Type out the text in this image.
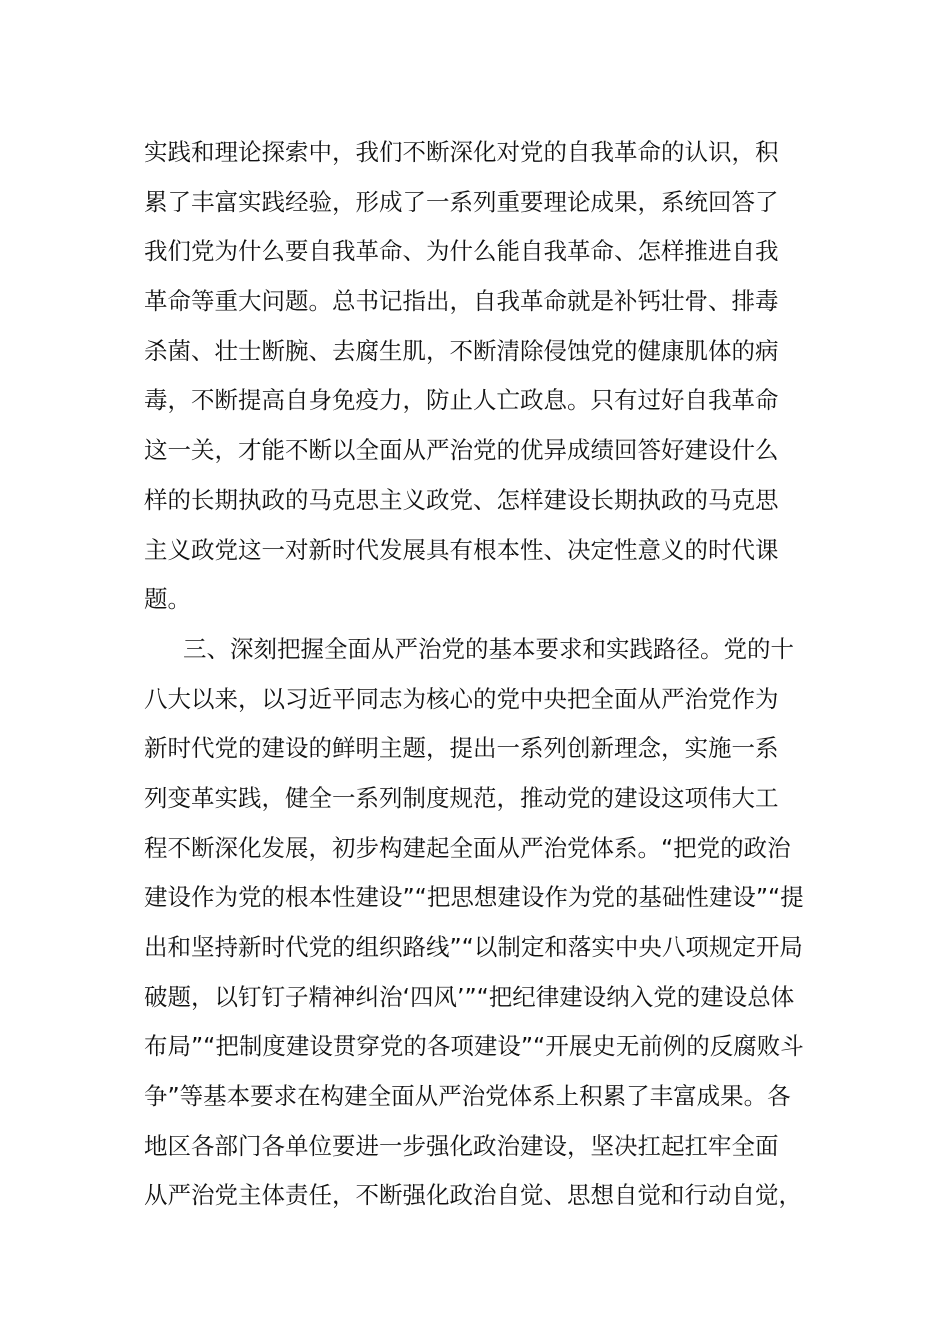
实践和理论探索中，我们不断深化对党的自我革命的认识，积
累了丰富实践经验，形成了一系列重要理论成果，系统回答了
我们党为什么要自我革命、为什么能自我革命、怎样推进自我
革命等重大问题。总书记指出，自我革命就是补钙壮骨、排毒
杀菌、壮士断腕、去腐生肌，不断清除侵蚀党的健康肌体的病
毒，不断提高自身免疫力，防止人亡政息。只有过好自我革命
这一关，才能不断以全面从严治党的优异成绩回答好建设什么
样的长期执政的马克思主义政党、怎样建设长期执政的马克思
主义政党这一对新时代发展具有根本性、决定性意义的时代课
题。
三、深刻把握全面从严治党的基本要求和实践路径。党的十
八大以来，以习近平同志为核心的党中央把全面从严治党作为
新时代党的建设的鲜明主题，提出一系列创新理念，实施一系
列变革实践，健全一系列制度规范，推动党的建设这项伟大工
程不断深化发展，初步构建起全面从严治党体系。“把党的政治
建设作为党的根本性建设”“把思想建设作为党的基础性建设”“提
出和坚持新时代党的组织路线”“以制定和落实中央八项规定开局
破题，以钉钉子精神纠治‘四风’”“把纪律建设纳入党的建设总体
布局”“把制度建设贯穿党的各项建设”“开展史无前例的反腐败斗
争”等基本要求在构建全面从严治党体系上积累了丰富成果。各
地区各部门各单位要进一步强化政治建设，坚决扛起扛牢全面
从严治党主体责任，不断强化政治自觉、思想自觉和行动自觉，
